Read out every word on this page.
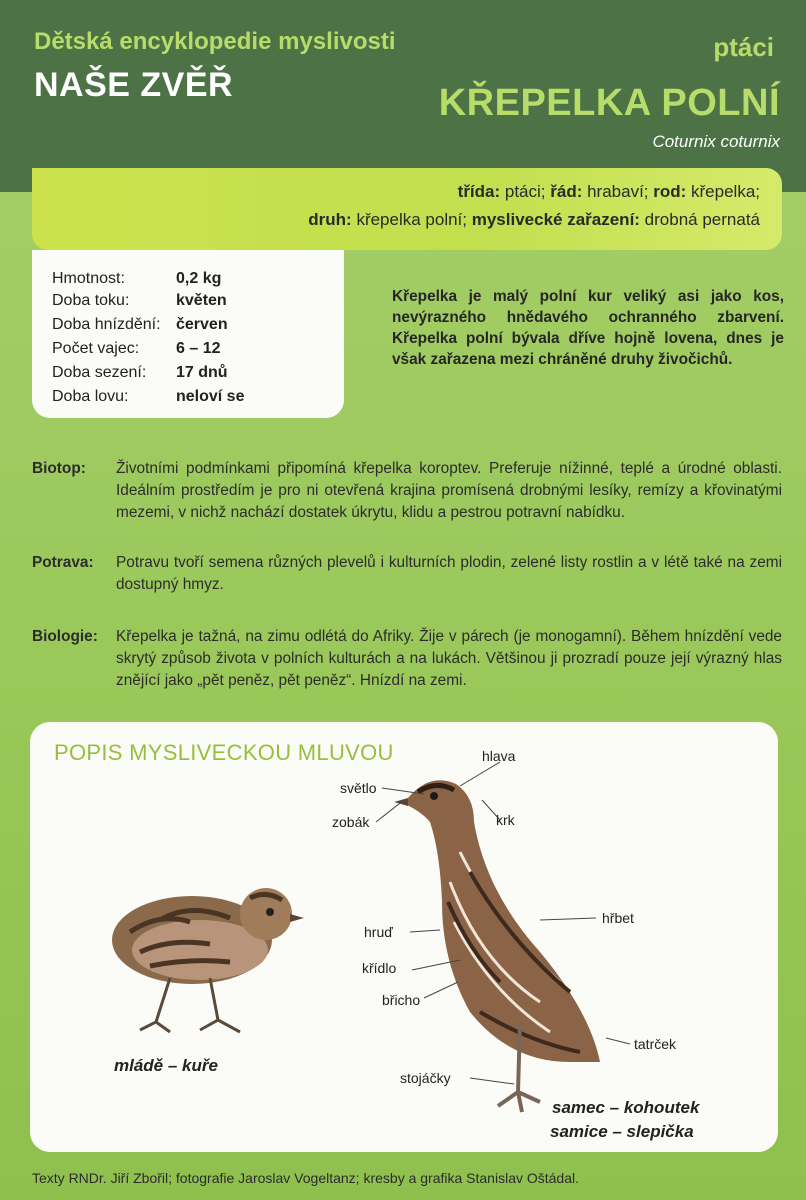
Dětská encyklopedie myslivosti
NAŠE ZVĚŘ
ptáci
KŘEPELKA POLNÍ
Coturnix coturnix
třída: ptáci; řád: hrabaví; rod: křepelka;
druh: křepelka polní; myslivecké zařazení: drobná pernatá
Hmotnost:	0,2 kg
Doba toku:	květen
Doba hnízdění: červen
Počet vajec: 6 – 12
Doba sezení: 17 dnů
Doba lovu:	neloví se
Křepelka je malý polní kur veliký asi jako kos, nevýrazného hnědavého ochranného zbarvení. Křepelka polní bývala dříve hojně lovena, dnes je však zařazena mezi chráněné druhy živočichů.
Biotop: Životními podmínkami připomíná křepelka koroptev. Preferuje nížinné, teplé a úrodné oblasti. Ideálním prostředím je pro ni otevřená krajina promísená drobnými lesíky, remízy a křovinatými mezemi, v nichž nachází dostatek úkrytu, klidu a pestrou potravní nabídku.
Potrava: Potravu tvoří semena různých plevelů i kulturních plodin, zelené listy rostlin a v létě také na zemi dostupný hmyz.
Biologie: Křepelka je tažná, na zimu odlétá do Afriky. Žije v párech (je monogamní). Během hnízdění vede skrytý způsob života v polních kulturách a na lukách. Většinou ji prozradí pouze její výrazný hlas znějící jako „pět peněz, pět peněz“. Hnízdí na zemi.
POPIS MYSLIVECKOU MLUVOU	hlava
světlo
zobák	krk
hřbet
hruď
křídlo
břicho
tatrček
stojáčky
mládě – kuře
samec – kohoutek
samice – slepička
Texty RNDr. Jiří Zbořil; fotografie Jaroslav Vogeltanz; kresby a grafika Stanislav Oštádal.
